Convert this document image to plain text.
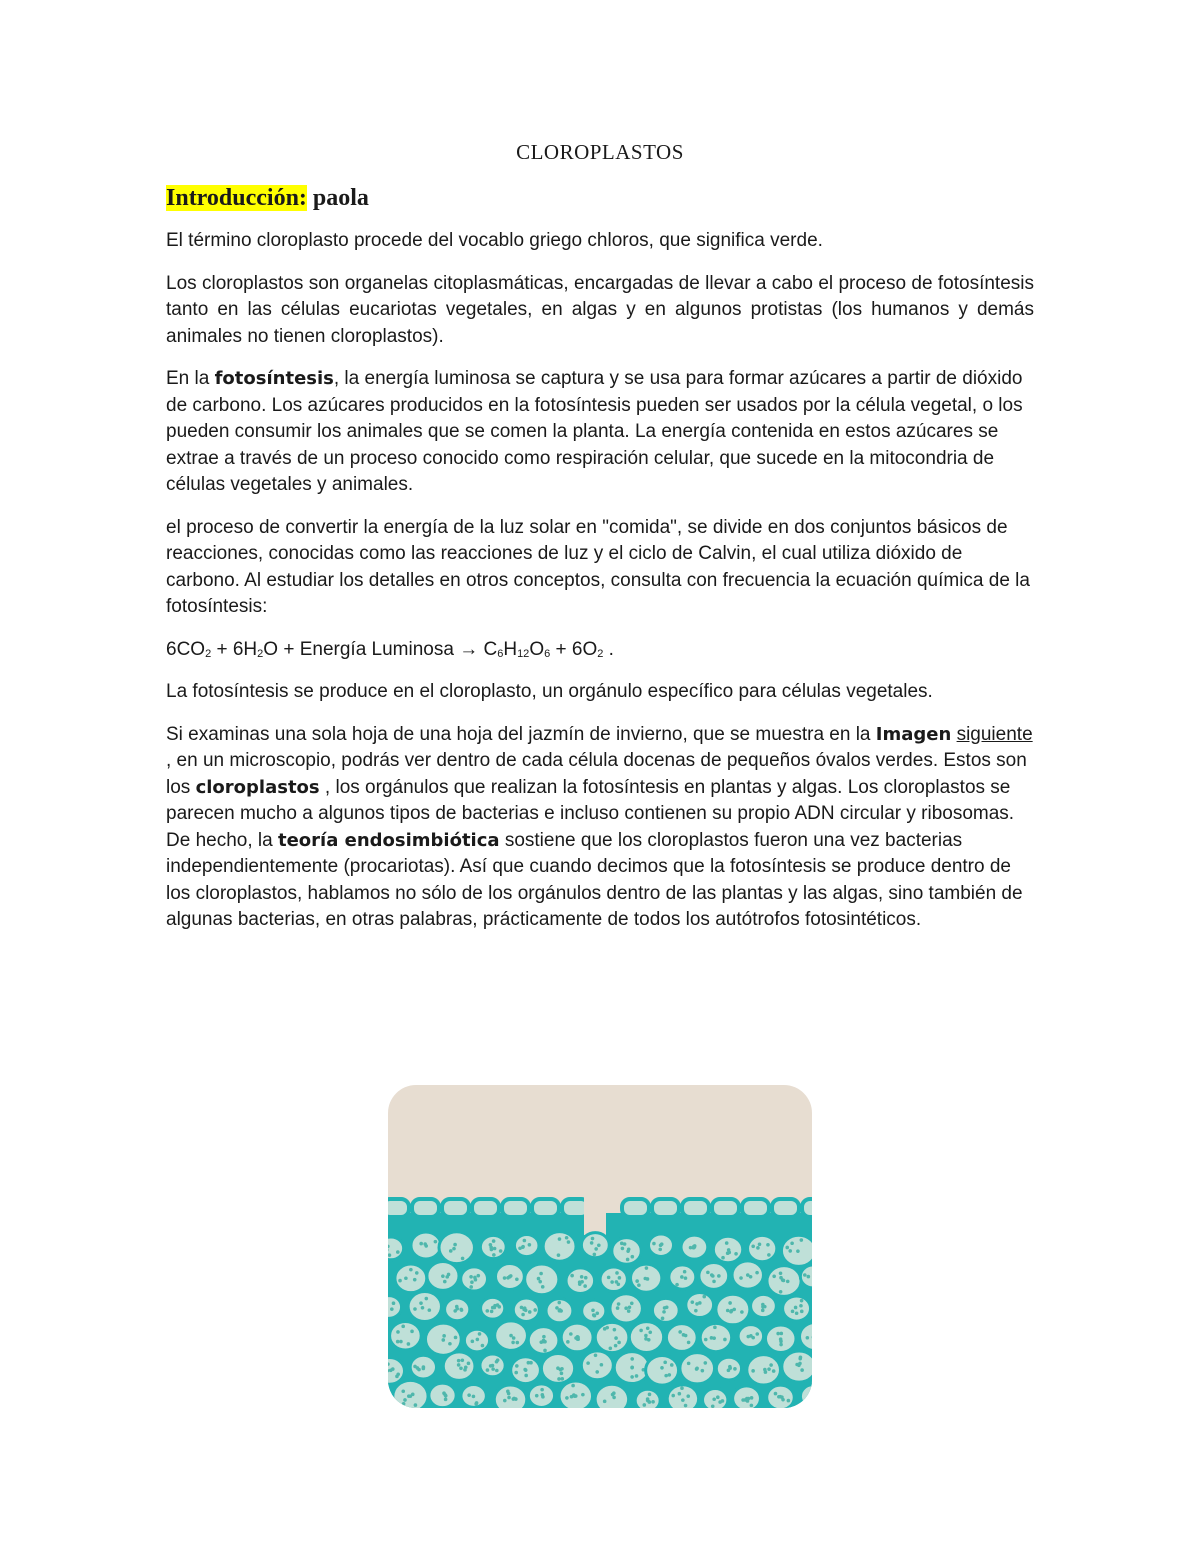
CLOROPLASTOS
Introducción: paola

El término cloroplasto procede del vocablo griego chloros, que significa verde.

Los cloroplastos son organelas citoplasmáticas, encargadas de llevar a cabo el proceso de fotosíntesis tanto en las células eucariotas vegetales, en algas y en algunos protistas (los humanos y demás animales no tienen cloroplastos).

En la fotosíntesis, la energía luminosa se captura y se usa para formar azúcares a partir de dióxido de carbono. Los azúcares producidos en la fotosíntesis pueden ser usados por la célula vegetal, o los pueden consumir los animales que se comen la planta. La energía contenida en estos azúcares se extrae a través de un proceso conocido como respiración celular, que sucede en la mitocondria de células vegetales y animales.

el proceso de convertir la energía de la luz solar en "comida", se divide en dos conjuntos básicos de reacciones, conocidas como las reacciones de luz y el ciclo de Calvin, el cual utiliza dióxido de carbono. Al estudiar los detalles en otros conceptos, consulta con frecuencia la ecuación química de la fotosíntesis:

$6CO_2 + 6H_2O$ + Energía Luminosa → $C_6H_{12}O_6 + 6O_2$ .

La fotosíntesis se produce en el cloroplasto, un orgánulo específico para células vegetales.

Si examinas una sola hoja de una hoja del jazmín de invierno, que se muestra en la Imagen siguiente , en un microscopio, podrás ver dentro de cada célula docenas de pequeños óvalos verdes. Estos son los cloroplastos , los orgánulos que realizan la fotosíntesis en plantas y algas. Los cloroplastos se parecen mucho a algunos tipos de bacterias e incluso contienen su propio ADN circular y ribosomas. De hecho, la teoría endosimbiótica sostiene que los cloroplastos fueron una vez bacterias independientemente (procariotas). Así que cuando decimos que la fotosíntesis se produce dentro de los cloroplastos, hablamos no sólo de los orgánulos dentro de las plantas y las algas, sino también de algunas bacterias, en otras palabras, prácticamente de todos los autótrofos fotosintéticos.
